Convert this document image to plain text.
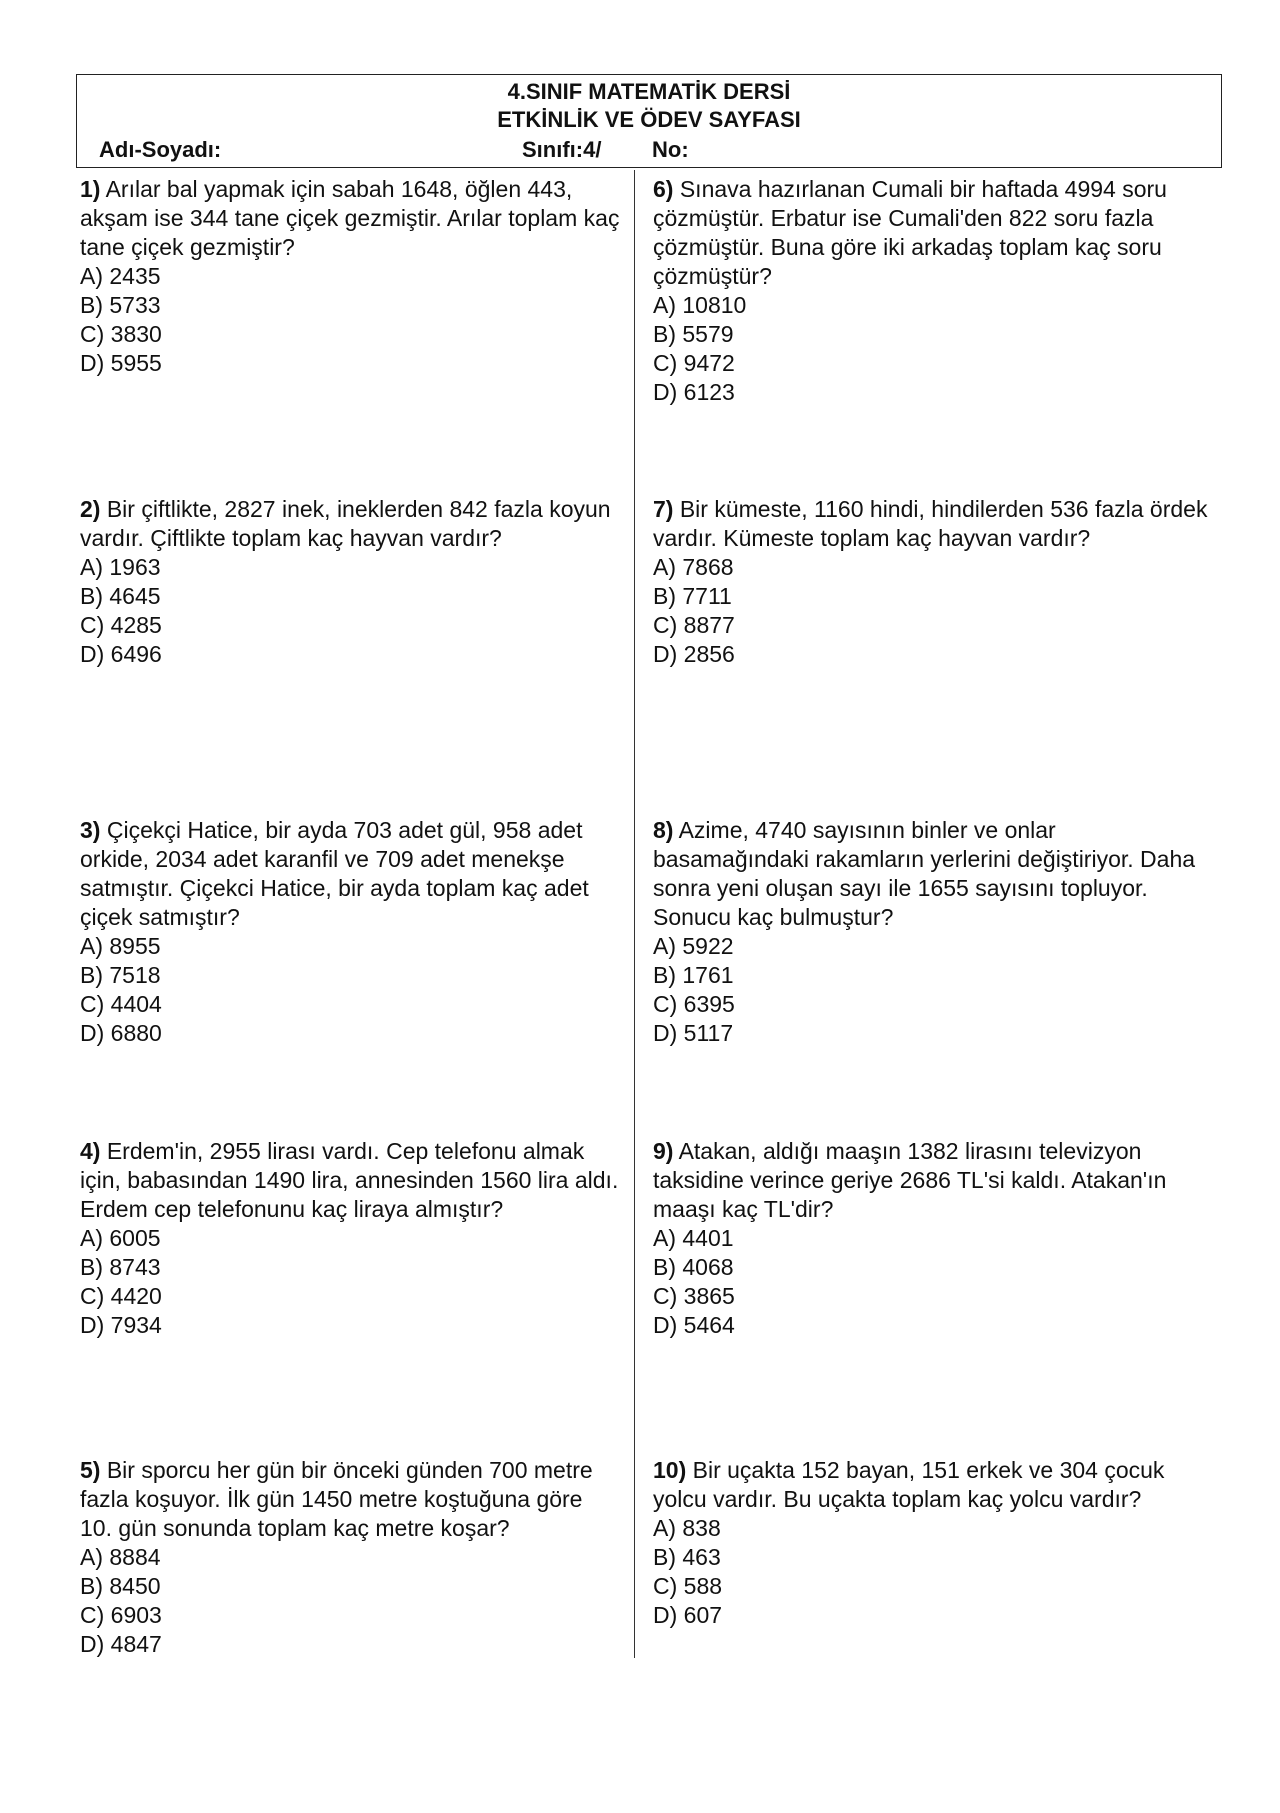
4.SINIF MATEMATİK DERSİ
ETKİNLİK VE ÖDEV SAYFASI
Adı-Soyadı:	Sınıfı:4/ No:

1) Arılar bal yapmak için sabah 1648, öğlen 443, akşam ise 344 tane çiçek gezmiştir. Arılar toplam kaç tane çiçek gezmiştir?

A) 2435
B) 5733
C) 3830
D) 5955

2) Bir çiftlikte, 2827 inek, ineklerden 842 fazla koyun vardır. Çiftlikte toplam kaç hayvan vardır?

A) 1963
B) 4645
C) 4285
D) 6496

3) Çiçekçi Hatice, bir ayda 703 adet gül, 958 adet orkide, 2034 adet karanfil ve 709 adet menekşe satmıştır. Çiçekci Hatice, bir ayda toplam kaç adet çiçek satmıştır?

A) 8955
B) 7518
C) 4404
D) 6880

4) Erdem'in, 2955 lirası vardı. Cep telefonu almak için, babasından 1490 lira, annesinden 1560 lira aldı. Erdem cep telefonunu kaç liraya almıştır?

A) 6005
B) 8743
C) 4420
D) 7934

5) Bir sporcu her gün bir önceki günden 700 metre fazla koşuyor. İlk gün 1450 metre koştuğuna göre 10. gün sonunda toplam kaç metre koşar?

A) 8884
B) 8450
C) 6903
D) 4847

6) Sınava hazırlanan Cumali bir haftada 4994 soru çözmüştür. Erbatur ise Cumali'den 822 soru fazla çözmüştür. Buna göre iki arkadaş toplam kaç soru çözmüştür?

A) 10810
B) 5579
C) 9472
D) 6123

7) Bir kümeste, 1160 hindi, hindilerden 536 fazla ördek vardır. Kümeste toplam kaç hayvan vardır?

A) 7868
B) 7711
C) 8877
D) 2856

8) Azime, 4740 sayısının binler ve onlar basamağındaki rakamların yerlerini değiştiriyor. Daha sonra yeni oluşan sayı ile 1655 sayısını topluyor. Sonucu kaç bulmuştur?

A) 5922
B) 1761
C) 6395
D) 5117

9) Atakan, aldığı maaşın 1382 lirasını televizyon taksidine verince geriye 2686 TL'si kaldı. Atakan'ın maaşı kaç TL'dir?

A) 4401
B) 4068
C) 3865
D) 5464

10) Bir uçakta 152 bayan, 151 erkek ve 304 çocuk yolcu vardır. Bu uçakta toplam kaç yolcu vardır?

A) 838
B) 463
C) 588
D) 607
